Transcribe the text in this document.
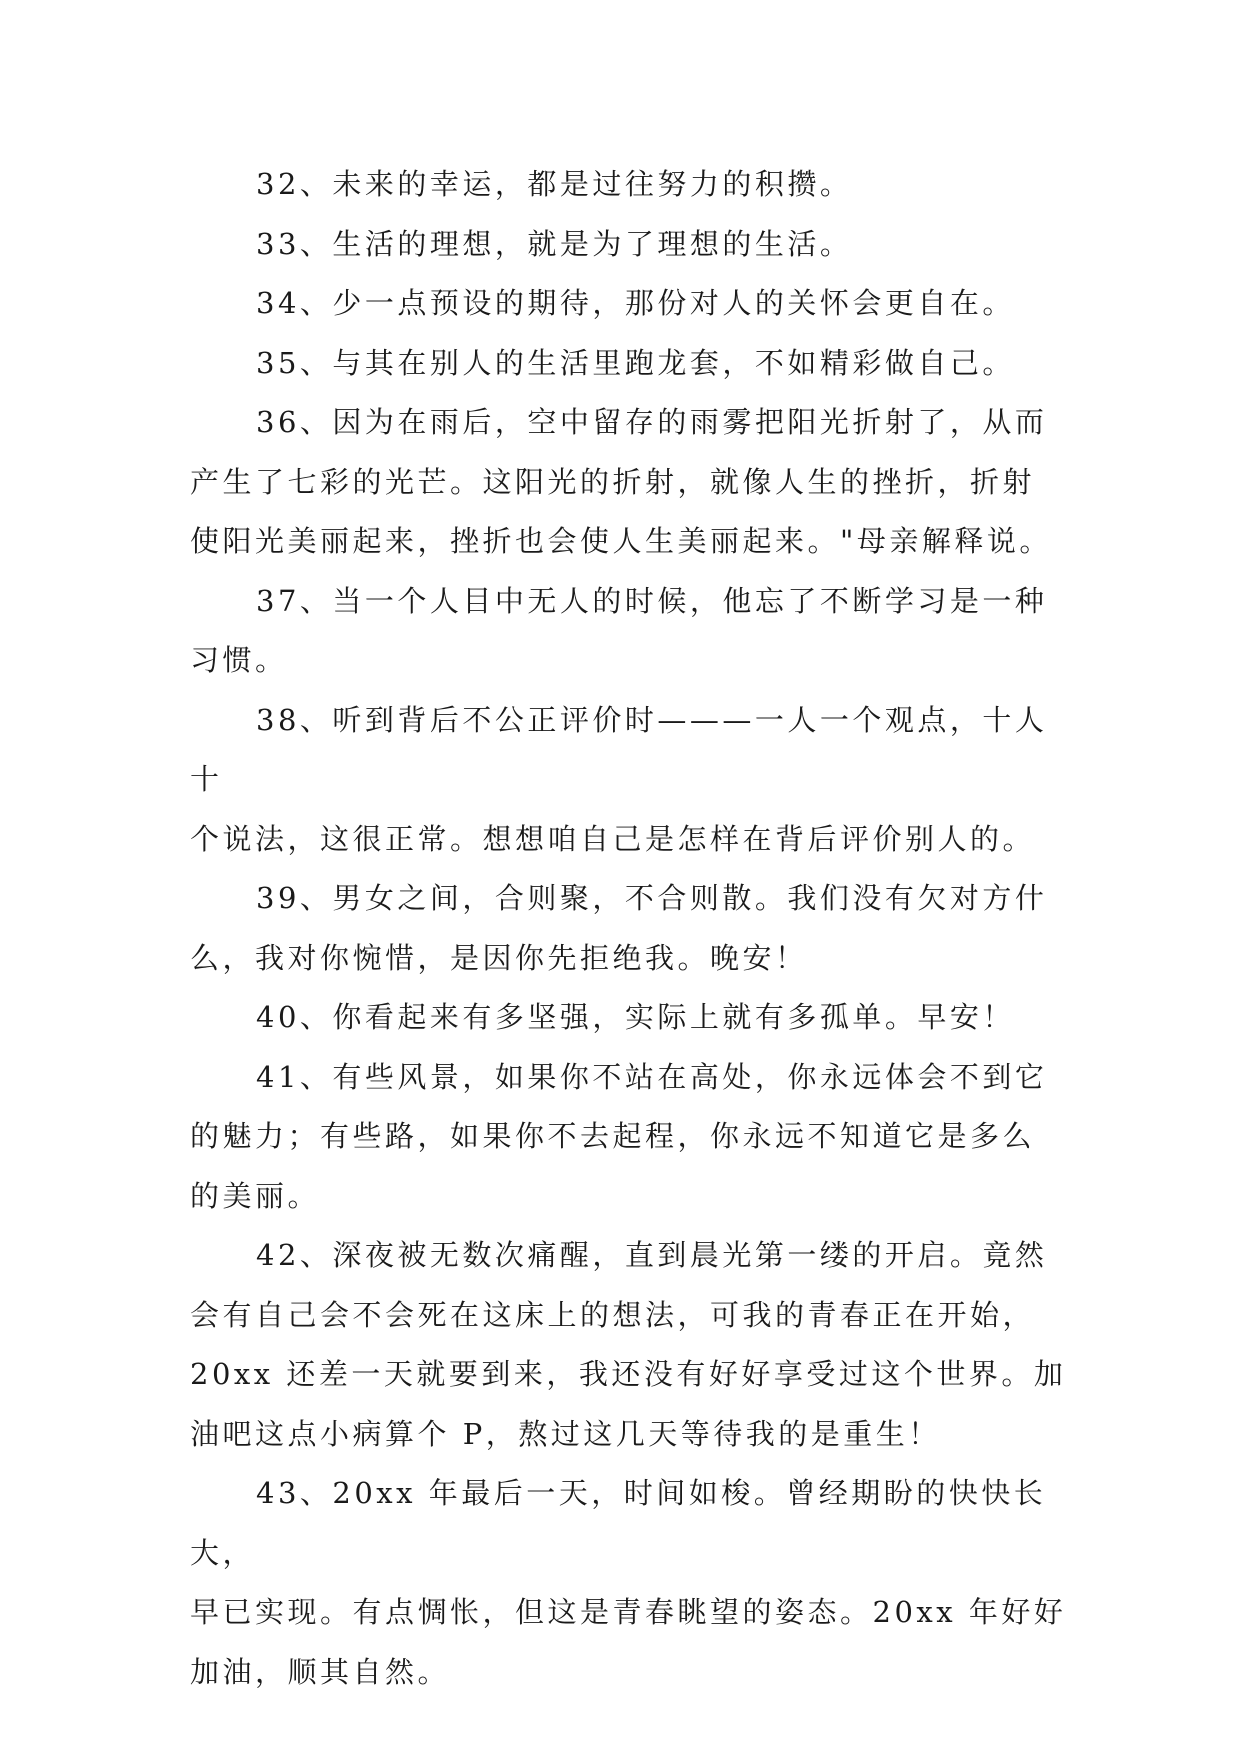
32、未来的幸运，都是过往努力的积攒。

33、生活的理想，就是为了理想的生活。

34、少一点预设的期待，那份对人的关怀会更自在。

35、与其在别人的生活里跑龙套，不如精彩做自己。

36、因为在雨后，空中留存的雨雾把阳光折射了，从而
产生了七彩的光芒。这阳光的折射，就像人生的挫折，折射
使阳光美丽起来，挫折也会使人生美丽起来。"母亲解释说。

37、当一个人目中无人的时候，他忘了不断学习是一种
习惯。

38、听到背后不公正评价时———一人一个观点，十人十
个说法，这很正常。想想咱自己是怎样在背后评价别人的。

39、男女之间，合则聚，不合则散。我们没有欠对方什
么，我对你惋惜，是因你先拒绝我。晚安！

40、你看起来有多坚强，实际上就有多孤单。早安！

41、有些风景，如果你不站在高处，你永远体会不到它
的魅力；有些路，如果你不去起程，你永远不知道它是多么
的美丽。

42、深夜被无数次痛醒，直到晨光第一缕的开启。竟然
会有自己会不会死在这床上的想法，可我的青春正在开始，
20xx 还差一天就要到来，我还没有好好享受过这个世界。加
油吧这点小病算个 P，熬过这几天等待我的是重生！

43、20xx 年最后一天，时间如梭。曾经期盼的快快长大，
早已实现。有点惆怅，但这是青春眺望的姿态。20xx 年好好
加油，顺其自然。
